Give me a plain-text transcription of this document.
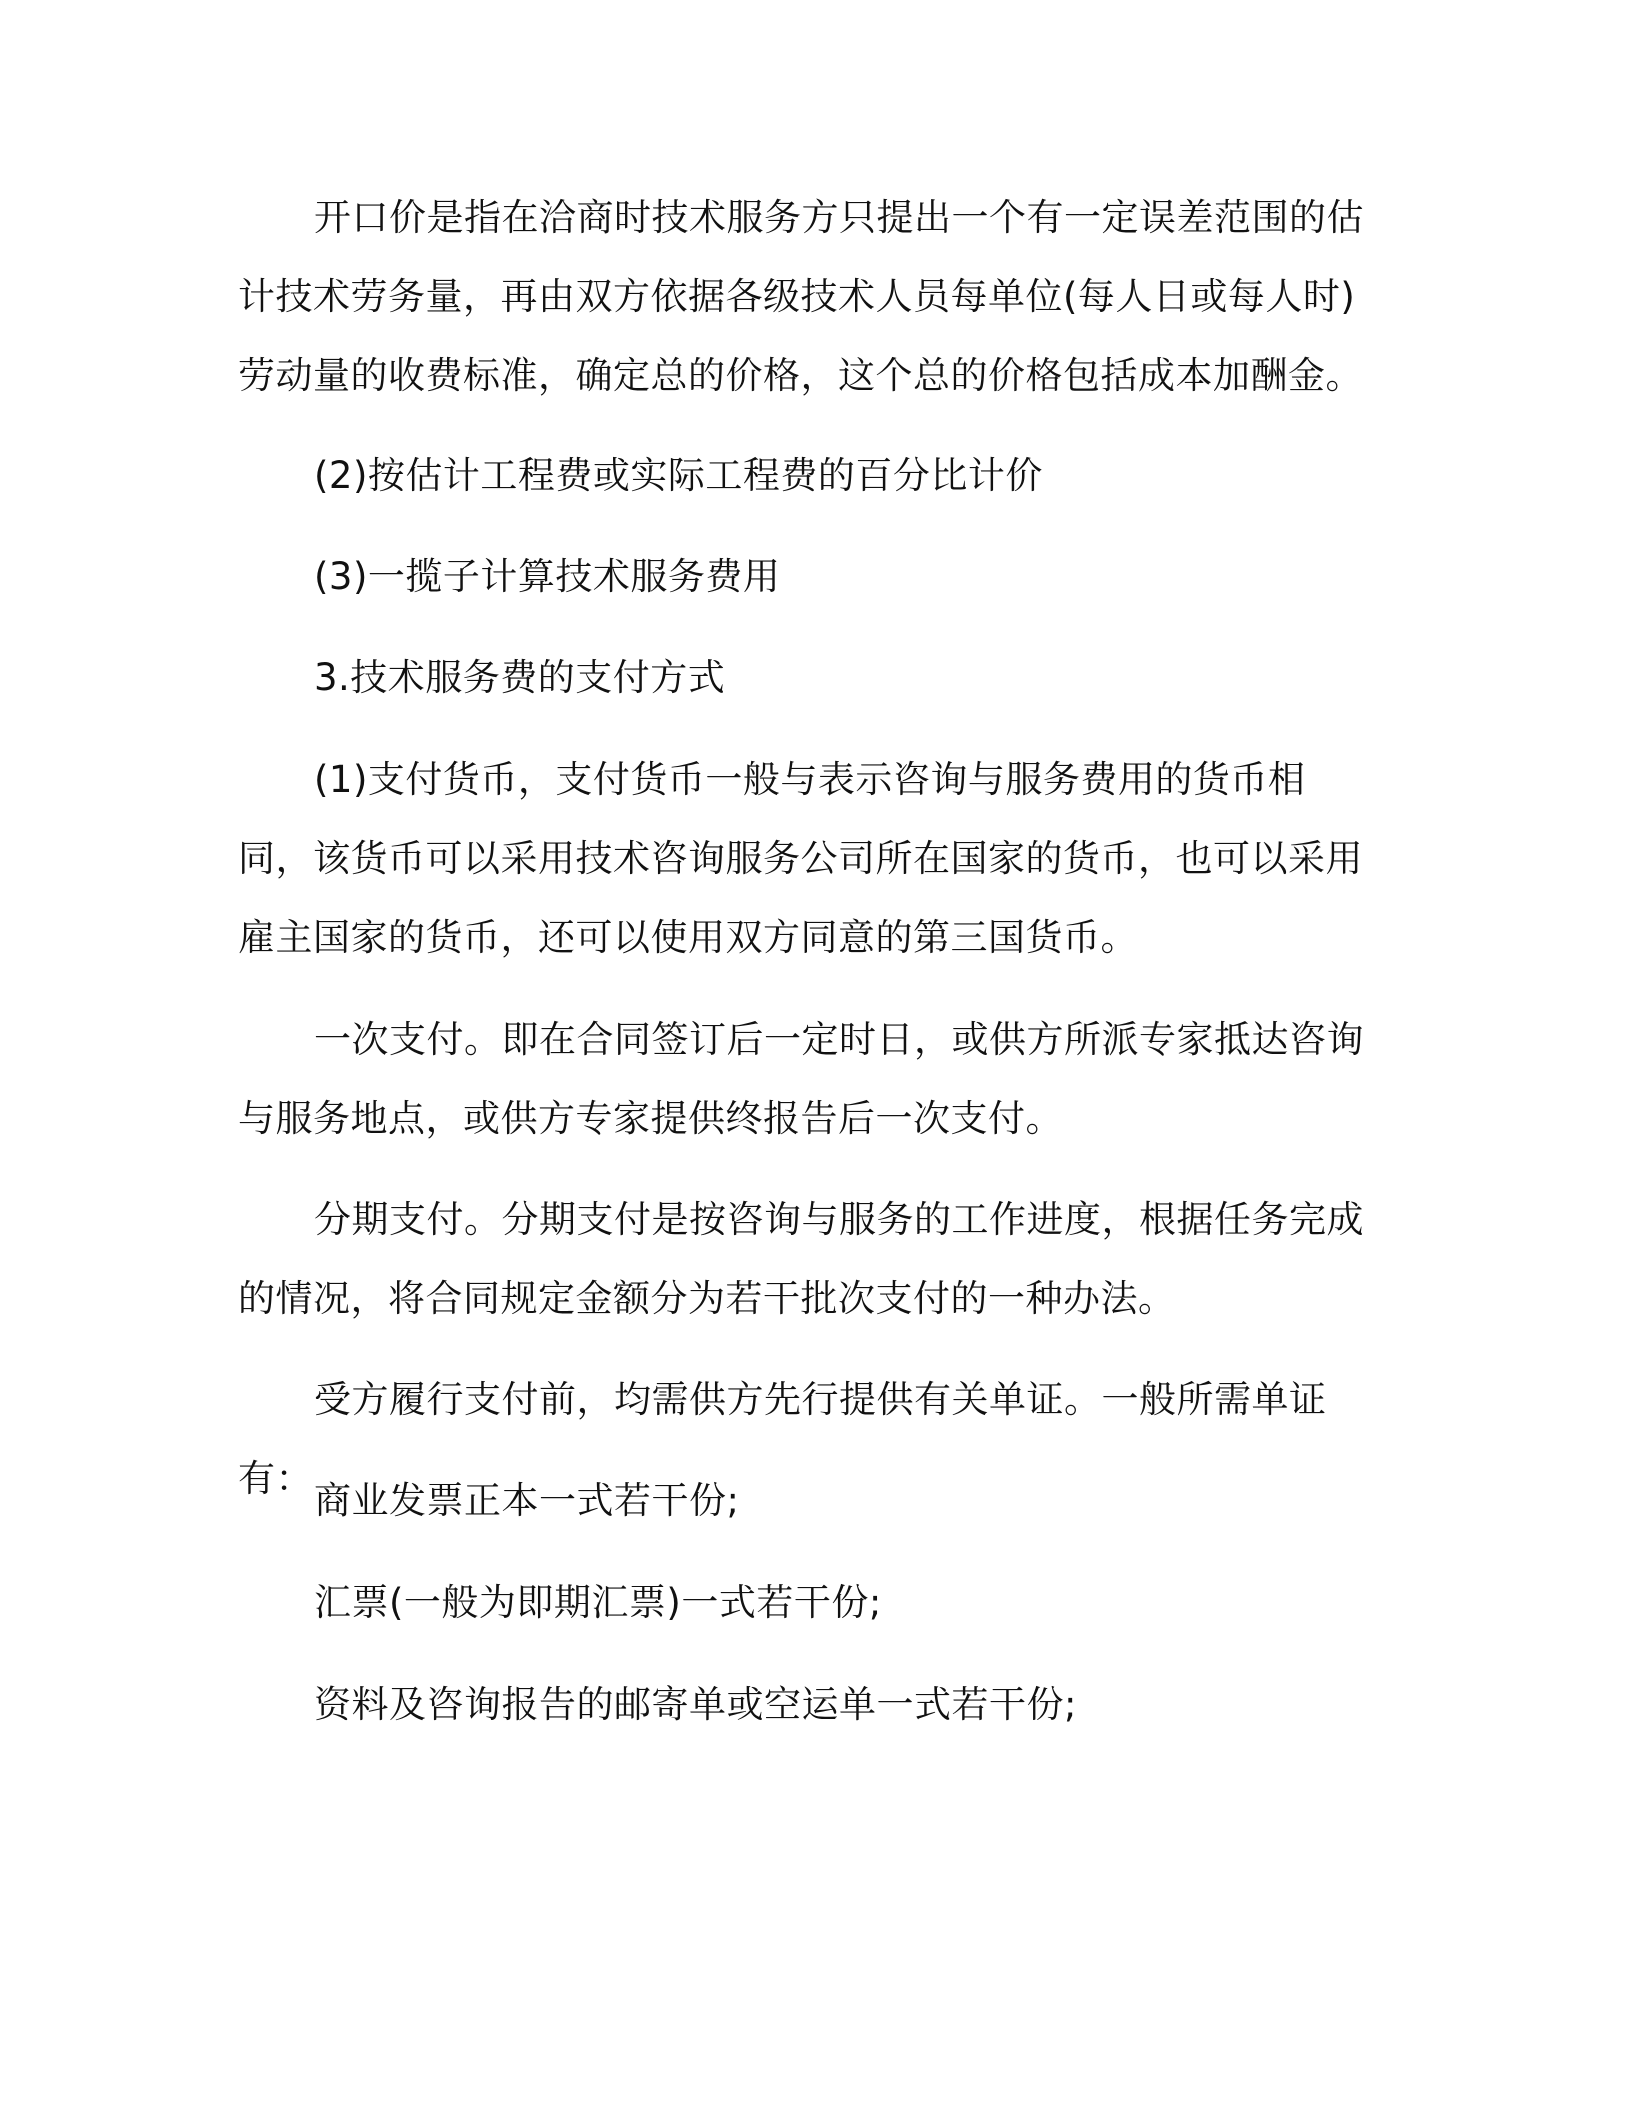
开口价是指在洽商时技术服务方只提出一个有一定误差范围的估计技术劳务量，再由双方依据各级技术人员每单位(每人日或每人时)劳动量的收费标准，确定总的价格，这个总的价格包括成本加酬金。

(2)按估计工程费或实际工程费的百分比计价

(3)一揽子计算技术服务费用

3.技术服务费的支付方式

(1)支付货币，支付货币一般与表示咨询与服务费用的货币相同，该货币可以采用技术咨询服务公司所在国家的货币，也可以采用雇主国家的货币，还可以使用双方同意的第三国货币。

一次支付。即在合同签订后一定时日，或供方所派专家抵达咨询与服务地点，或供方专家提供终报告后一次支付。

分期支付。分期支付是按咨询与服务的工作进度，根据任务完成的情况，将合同规定金额分为若干批次支付的一种办法。

受方履行支付前，均需供方先行提供有关单证。一般所需单证有：

商业发票正本一式若干份;

汇票(一般为即期汇票)一式若干份;

资料及咨询报告的邮寄单或空运单一式若干份;
